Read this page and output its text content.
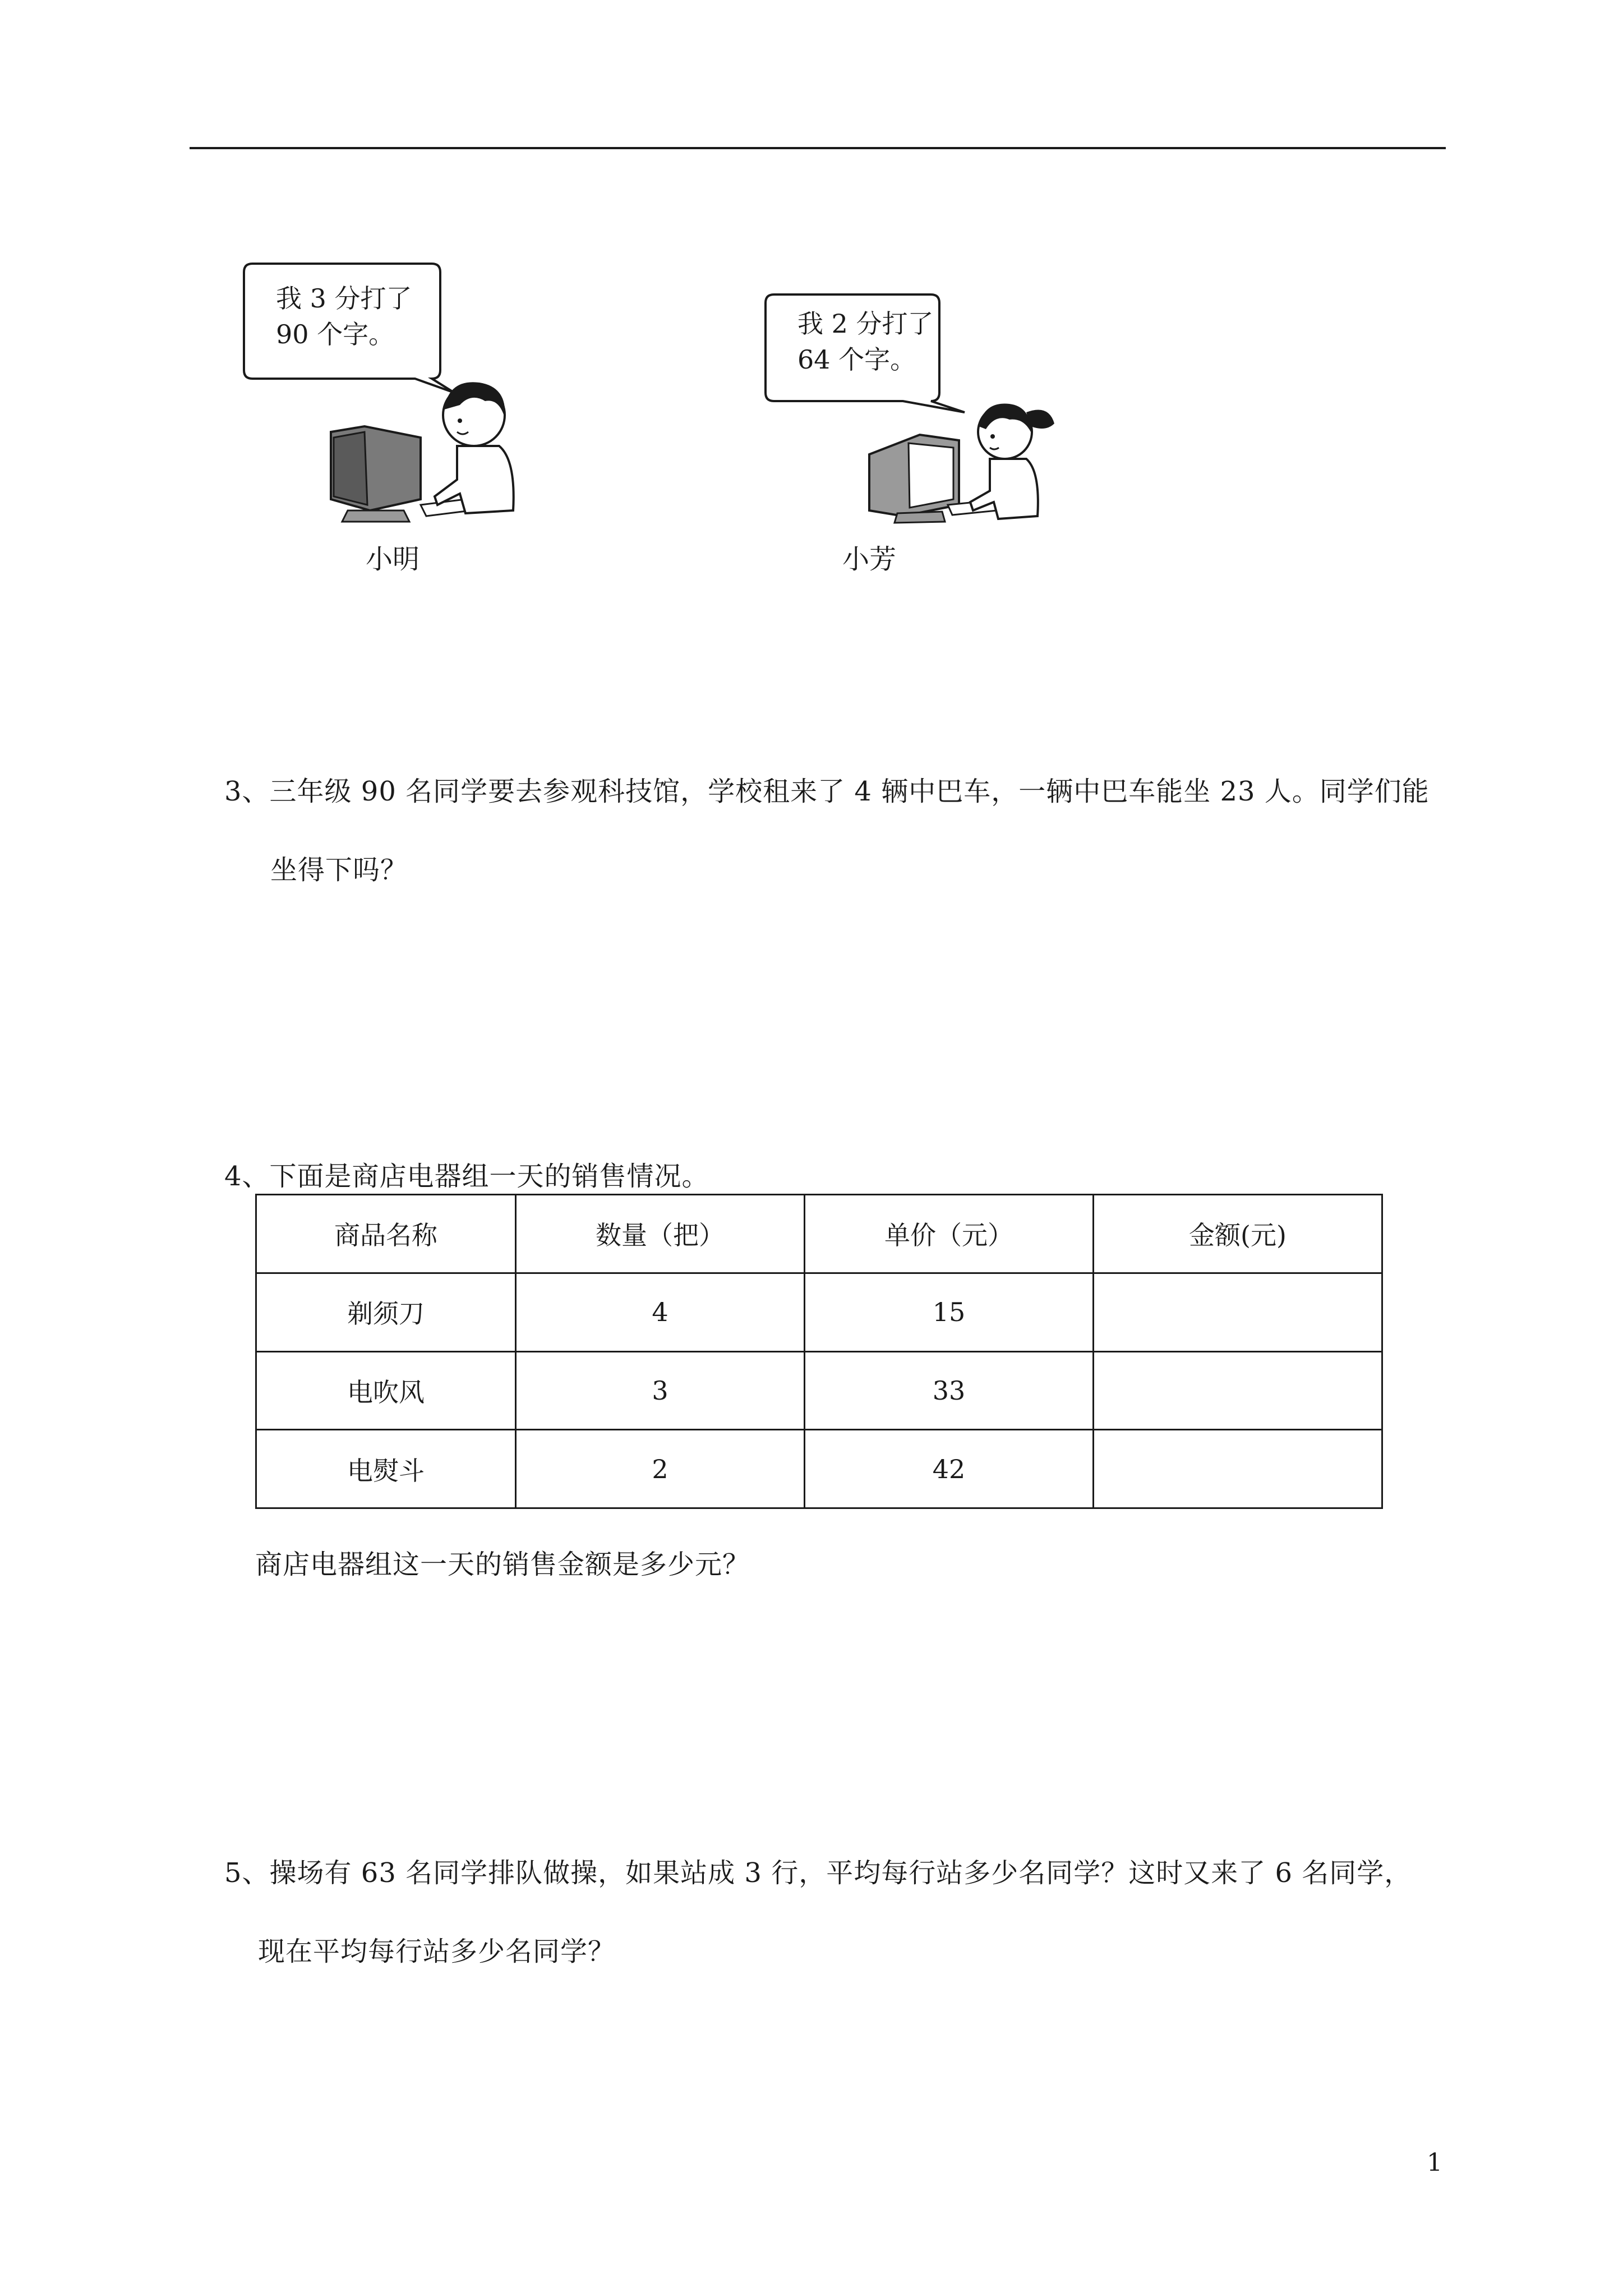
我 3 分打了
90 个字。
小明
我 2 分打了
64 个字。
小芳
3、三年级 90 名同学要去参观科技馆，学校租来了 4 辆中巴车，一辆中巴车能坐 23 人。同学们能
坐得下吗？
4、下面是商店电器组一天的销售情况。
商品名称	数量（把）	单价（元）	金额(元)
剃须刀	4	15	
电吹风	3	33	
电熨斗	2	42	
商店电器组这一天的销售金额是多少元？
5、操场有 63 名同学排队做操，如果站成 3 行，平均每行站多少名同学？这时又来了 6 名同学，
现在平均每行站多少名同学？
1
